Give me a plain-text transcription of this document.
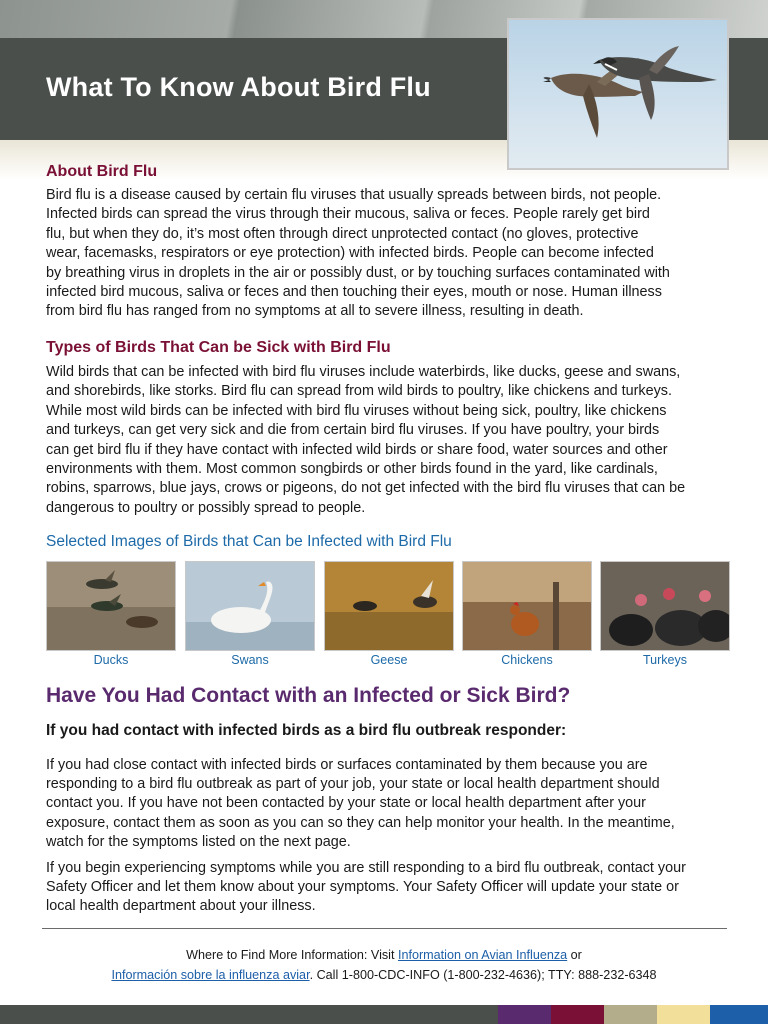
What To Know About Bird Flu
About Bird Flu

Bird flu is a disease caused by certain flu viruses that usually spreads between birds, not people.
Infected birds can spread the virus through their mucous, saliva or feces. People rarely get bird
flu, but when they do, it’s most often through direct unprotected contact (no gloves, protective
wear, facemasks, respirators or eye protection) with infected birds. People can become infected
by breathing virus in droplets in the air or possibly dust, or by touching surfaces contaminated with
infected bird mucous, saliva or feces and then touching their eyes, mouth or nose. Human illness
from bird flu has ranged from no symptoms at all to severe illness, resulting in death.

Types of Birds That Can be Sick with Bird Flu

Wild birds that can be infected with bird flu viruses include waterbirds, like ducks, geese and swans,
and shorebirds, like storks. Bird flu can spread from wild birds to poultry, like chickens and turkeys.
While most wild birds can be infected with bird flu viruses without being sick, poultry, like chickens
and turkeys, can get very sick and die from certain bird flu viruses. If you have poultry, your birds
can get bird flu if they have contact with infected wild birds or share food, water sources and other
environments with them. Most common songbirds or other birds found in the yard, like cardinals,
robins, sparrows, blue jays, crows or pigeons, do not get infected with the bird flu viruses that can be
dangerous to poultry or possibly spread to people.

Selected Images of Birds that Can be Infected with Bird Flu
Ducks	Swans	Geese	Chickens	Turkeys
Have You Had Contact with an Infected or Sick Bird?
If you had contact with infected birds as a bird flu outbreak responder:

If you had close contact with infected birds or surfaces contaminated by them because you are
responding to a bird flu outbreak as part of your job, your state or local health department should
contact you. If you have not been contacted by your state or local health department after your
exposure, contact them as soon as you can so they can help monitor your health. In the meantime,
watch for the symptoms listed on the next page.

If you begin experiencing symptoms while you are still responding to a bird flu outbreak, contact your
Safety Officer and let them know about your symptoms. Your Safety Officer will update your state or
local health department about your illness.

Where to Find More Information: Visit Information on Avian Influenza or
Información sobre la influenza aviar. Call 1-800-CDC-INFO (1-800-232-4636); TTY: 888-232-6348
